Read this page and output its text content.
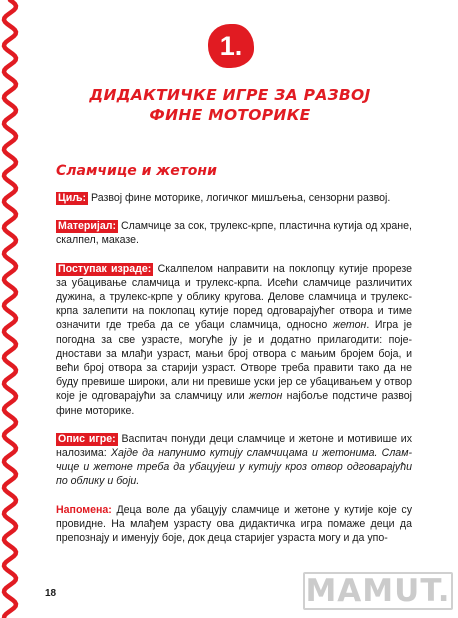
1.
ДИДАКТИЧКЕ ИГРЕ ЗА РАЗВОЈ
ФИНЕ МОТОРИКЕ
Сламчице и жетони

Циљ: Развој фине моторике, логичког мишљења, сензорни развој.

Материјал: Сламчице за сок, трулекс-крпе, пластична кутија од хране, скалпел, маказе.

Поступак израде: Скалпелом направити на поклопцу кутије прорезе за убацивање сламчица и трулекс-крпа. Исећи сламчице различитих дужина, а трулекс-крпе у облику кругова. Делове сламчица и трулекс-крпа залепити на поклопац кутије поред одговарајућег отвора и тиме означити где треба да се убаци сламчица, односно жетон. Игра је погодна за све узрасте, могуће ју је и додатно прилагодити: поједностави за млађи узраст, мањи број отвора с мањим бројем боја, и већи број отвора за старији узраст. Отворе треба правити тако да не буду превише широки, али ни превише уски јер се убацивањем у отвор које је одговарајући за сламчицу или жетон најбоље подстиче развој фине моторике.

Опис игре: Васпитач понуди деци сламчице и жетоне и мотивише их налозима: Хајде да напунимо кутију сламчицама и жетонима. Сламчице и жетоне треба да убацујеш у кутију кроз отвор одговарајући по облику и боји.

Напомена: Деца воле да убацују сламчице и жетоне у кутије које су провидне. На млађем узрасту ова дидактичка игра помаже деци да препознају и именују боје, док деца старијег узраста могу и да упо-

18	MAMUT.
